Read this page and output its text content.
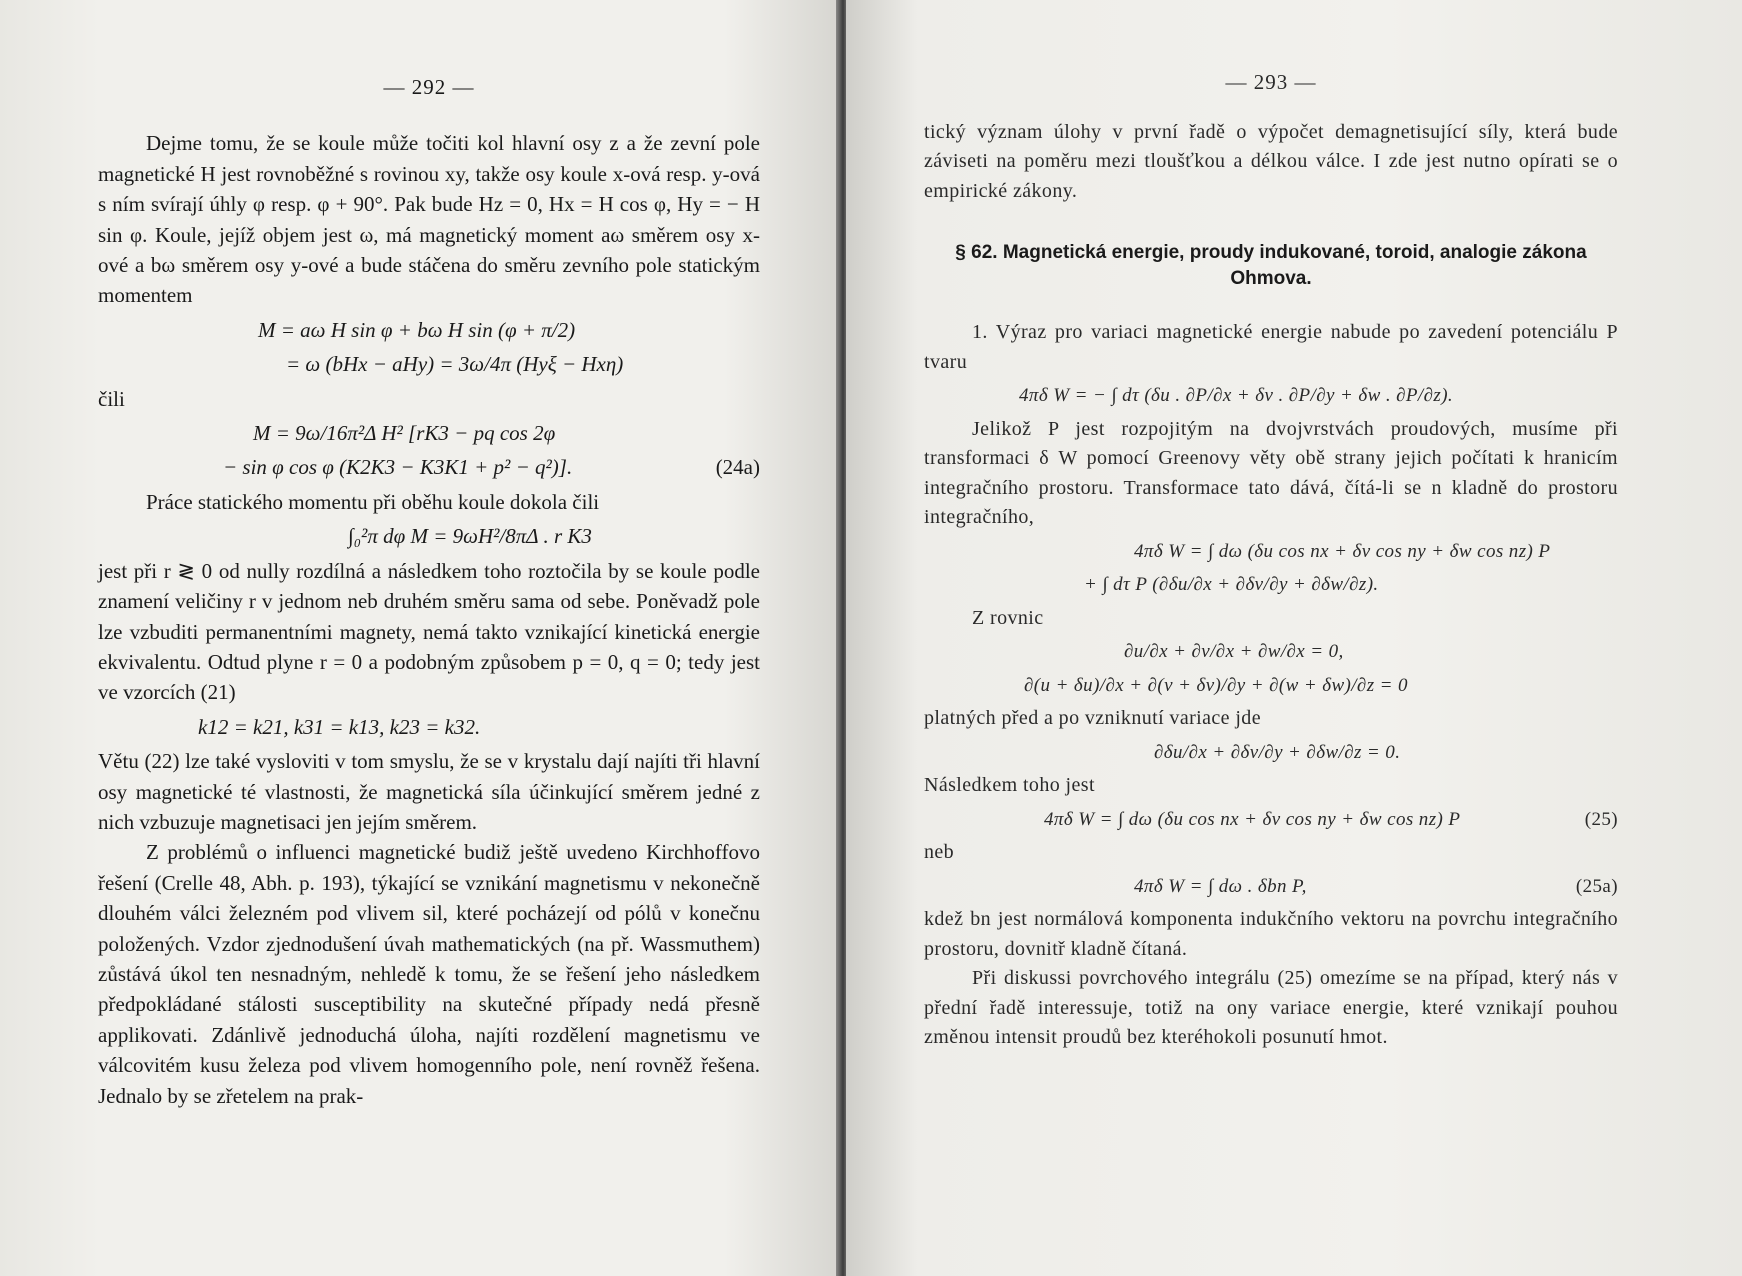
— 292 —

Dejme tomu, že se koule může točiti kol hlavní osy z a že zevní pole magnetické H jest rovnoběžné s rovinou xy, takže osy koule x-ová resp. y-ová s ním svírají úhly φ resp. φ + 90°. Pak bude Hz = 0, Hx = H cos φ, Hy = − H sin φ. Koule, jejíž objem jest ω, má magnetický moment aω směrem osy x-ové a bω směrem osy y-ové a bude stáčena do směru zevního pole statickým momentem

M = aω H sin φ + bω H sin (φ + π/2)
= ω (bHx − aHy) = 3ω/4π (Hyξ − Hxη)
čili
M = 9ω/16π²Δ H² [rK3 − pq cos 2φ
− sin φ cos φ (K2K3 − K3K1 + p² − q²)].	(24a)

Práce statického momentu při oběhu koule dokola čili

∫₀²π dφ M = 9ωH²/8πΔ . r K3

jest při r ≷ 0 od nully rozdílná a následkem toho roztočila by se koule podle znamení veličiny r v jednom neb druhém směru sama od sebe. Poněvadž pole lze vzbuditi permanentními magnety, nemá takto vznikající kinetická energie ekvivalentu. Odtud plyne r = 0 a podobným způsobem p = 0, q = 0; tedy jest ve vzorcích (21)

k12 = k21, k31 = k13, k23 = k32.

Větu (22) lze také vysloviti v tom smyslu, že se v krystalu dají najíti tři hlavní osy magnetické té vlastnosti, že magnetická síla účinkující směrem jedné z nich vzbuzuje magnetisaci jen jejím směrem.

Z problémů o influenci magnetické budiž ještě uvedeno Kirchhoffovo řešení (Crelle 48, Abh. p. 193), týkající se vznikání magnetismu v nekonečně dlouhém válci železném pod vlivem sil, které pocházejí od pólů v konečnu položených. Vzdor zjednodušení úvah mathematických (na př. Wassmuthem) zůstává úkol ten nesnadným, nehledě k tomu, že se řešení jeho následkem předpokládané stálosti susceptibility na skutečné případy nedá přesně applikovati. Zdánlivě jednoduchá úloha, najíti rozdělení magnetismu ve válcovitém kusu železa pod vlivem homogenního pole, není rovněž řešena. Jednalo by se zřetelem na prak-

— 293 —

tický význam úlohy v první řadě o výpočet demagnetisující síly, která bude záviseti na poměru mezi tloušťkou a délkou válce. I zde jest nutno opírati se o empirické zákony.

§ 62. Magnetická energie, proudy indukované, toroid, analogie zákona Ohmova.

1. Výraz pro variaci magnetické energie nabude po zavedení potenciálu P tvaru

4πδ W = − ∫ dτ (δu . ∂P/∂x + δv . ∂P/∂y + δw . ∂P/∂z).

Jelikož P jest rozpojitým na dvojvrstvách proudových, musíme při transformaci δ W pomocí Greenovy věty obě strany jejich počítati k hranicím integračního prostoru. Transformace tato dává, čítá-li se n kladně do prostoru integračního,

4πδ W = ∫ dω (δu cos nx + δv cos ny + δw cos nz) P
+ ∫ dτ P (∂δu/∂x + ∂δv/∂y + ∂δw/∂z).

Z rovnic

∂u/∂x + ∂v/∂x + ∂w/∂x = 0,
∂(u + δu)/∂x + ∂(v + δv)/∂y + ∂(w + δw)/∂z = 0

platných před a po vzniknutí variace jde

∂δu/∂x + ∂δv/∂y + ∂δw/∂z = 0.

Následkem toho jest

4πδ W = ∫ dω (δu cos nx + δv cos ny + δw cos nz) P	(25)

neb

4πδ W = ∫ dω . δbn P,	(25a)

kdež bn jest normálová komponenta indukčního vektoru na povrchu integračního prostoru, dovnitř kladně čítaná.

Při diskussi povrchového integrálu (25) omezíme se na případ, který nás v přední řadě interessuje, totiž na ony variace energie, které vznikají pouhou změnou intensit proudů bez kteréhokoli posunutí hmot.
